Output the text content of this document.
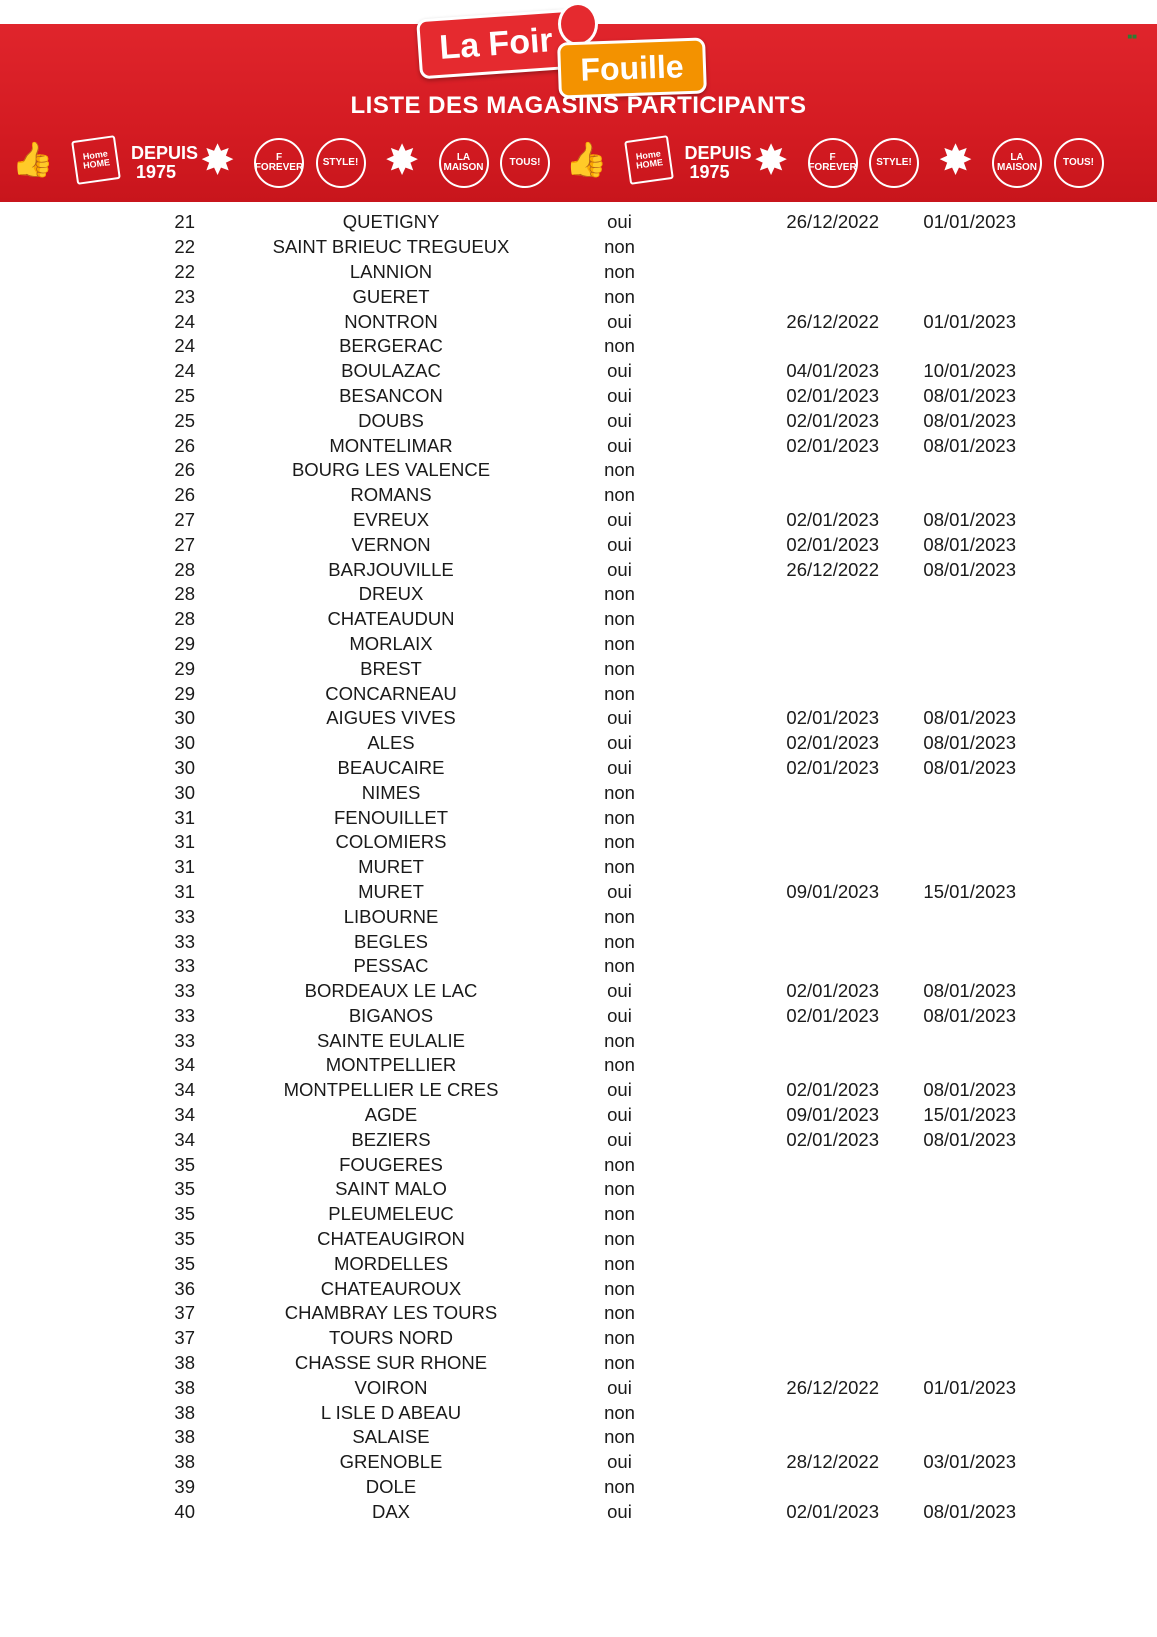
■■
La Foir
Fouille
LISTE DES MAGASINS PARTICIPANTS
👍	Home HOME
DEPUIS 1975 ✸	F FOREVER	STYLE! ✸	LA MAISON	TOUS! 👍	Home HOME
DEPUIS 1975 ✸	F FOREVER	STYLE! ✸	LA MAISON	TOUS!
21	QUETIGNY	oui	26/12/2022	01/01/2023
22	SAINT BRIEUC TREGUEUX	non		
22	LANNION	non		
23	GUERET	non		
24	NONTRON	oui	26/12/2022	01/01/2023
24	BERGERAC	non		
24	BOULAZAC	oui	04/01/2023	10/01/2023
25	BESANCON	oui	02/01/2023	08/01/2023
25	DOUBS	oui	02/01/2023	08/01/2023
26	MONTELIMAR	oui	02/01/2023	08/01/2023
26	BOURG LES VALENCE	non		
26	ROMANS	non		
27	EVREUX	oui	02/01/2023	08/01/2023
27	VERNON	oui	02/01/2023	08/01/2023
28	BARJOUVILLE	oui	26/12/2022	08/01/2023
28	DREUX	non		
28	CHATEAUDUN	non		
29	MORLAIX	non		
29	BREST	non		
29	CONCARNEAU	non		
30	AIGUES VIVES	oui	02/01/2023	08/01/2023
30	ALES	oui	02/01/2023	08/01/2023
30	BEAUCAIRE	oui	02/01/2023	08/01/2023
30	NIMES	non		
31	FENOUILLET	non		
31	COLOMIERS	non		
31	MURET	non		
31	MURET	oui	09/01/2023	15/01/2023
33	LIBOURNE	non		
33	BEGLES	non		
33	PESSAC	non		
33	BORDEAUX LE LAC	oui	02/01/2023	08/01/2023
33	BIGANOS	oui	02/01/2023	08/01/2023
33	SAINTE EULALIE	non		
34	MONTPELLIER	non		
34	MONTPELLIER LE CRES	oui	02/01/2023	08/01/2023
34	AGDE	oui	09/01/2023	15/01/2023
34	BEZIERS	oui	02/01/2023	08/01/2023
35	FOUGERES	non		
35	SAINT MALO	non		
35	PLEUMELEUC	non		
35	CHATEAUGIRON	non		
35	MORDELLES	non		
36	CHATEAUROUX	non		
37	CHAMBRAY LES TOURS	non		
37	TOURS NORD	non		
38	CHASSE SUR RHONE	non		
38	VOIRON	oui	26/12/2022	01/01/2023
38	L ISLE D ABEAU	non		
38	SALAISE	non		
38	GRENOBLE	oui	28/12/2022	03/01/2023
39	DOLE	non		
40	DAX	oui	02/01/2023	08/01/2023
